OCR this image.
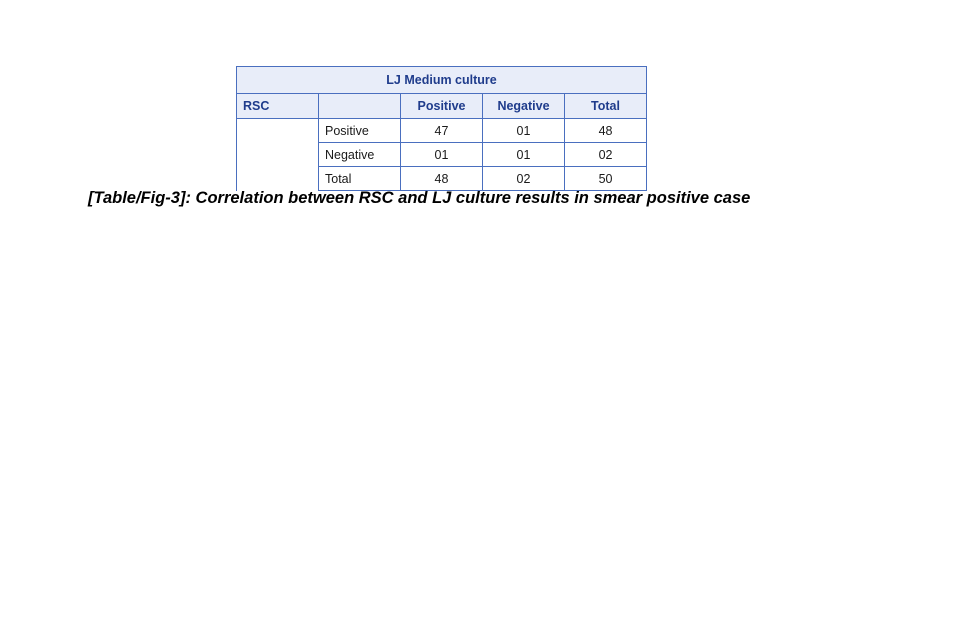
LJ Medium culture				
RSC		Positive	Negative	Total
	Positive	47	01	48
	Negative	01	01	02
	Total	48	02	50
[Table/Fig-3]: Correlation between RSC and LJ culture results in smear positive case
